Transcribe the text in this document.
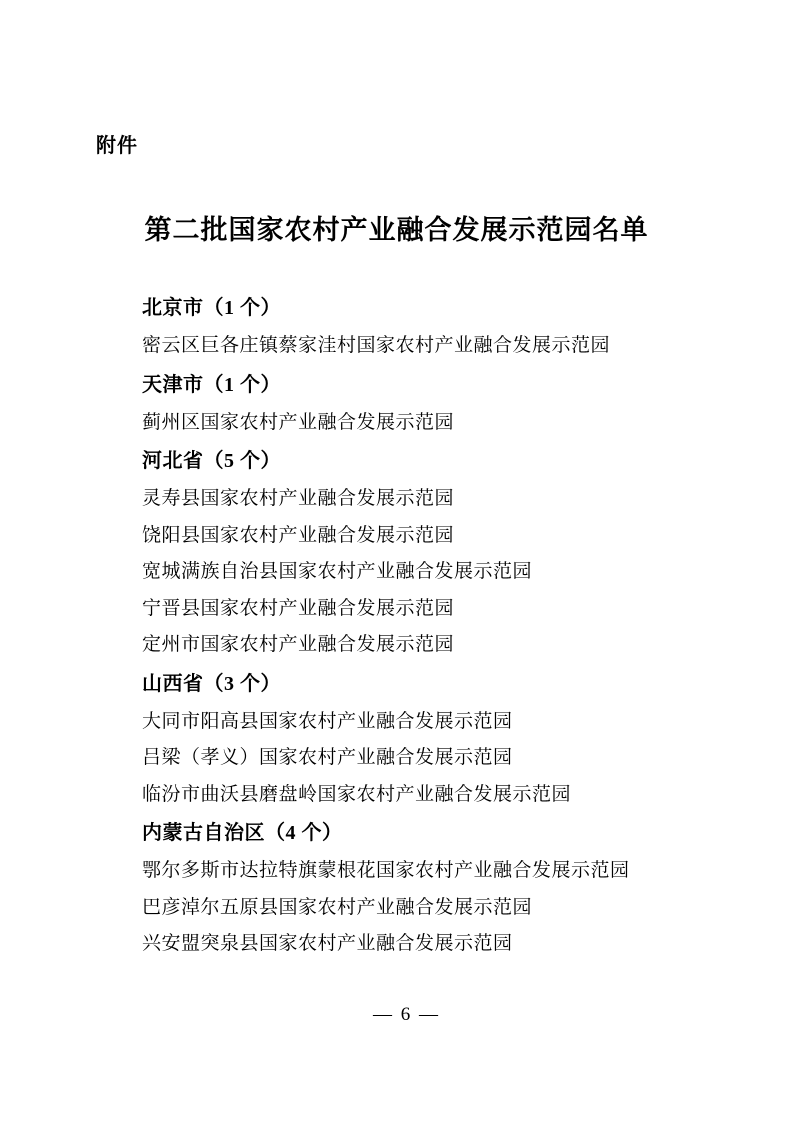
附件
第二批国家农村产业融合发展示范园名单
北京市（1 个）
密云区巨各庄镇蔡家洼村国家农村产业融合发展示范园
天津市（1 个）
蓟州区国家农村产业融合发展示范园
河北省（5 个）
灵寿县国家农村产业融合发展示范园
饶阳县国家农村产业融合发展示范园
宽城满族自治县国家农村产业融合发展示范园
宁晋县国家农村产业融合发展示范园
定州市国家农村产业融合发展示范园
山西省（3 个）
大同市阳高县国家农村产业融合发展示范园
吕梁（孝义）国家农村产业融合发展示范园
临汾市曲沃县磨盘岭国家农村产业融合发展示范园
内蒙古自治区（4 个）
鄂尔多斯市达拉特旗蒙根花国家农村产业融合发展示范园
巴彦淖尔五原县国家农村产业融合发展示范园
兴安盟突泉县国家农村产业融合发展示范园
— 6 —
